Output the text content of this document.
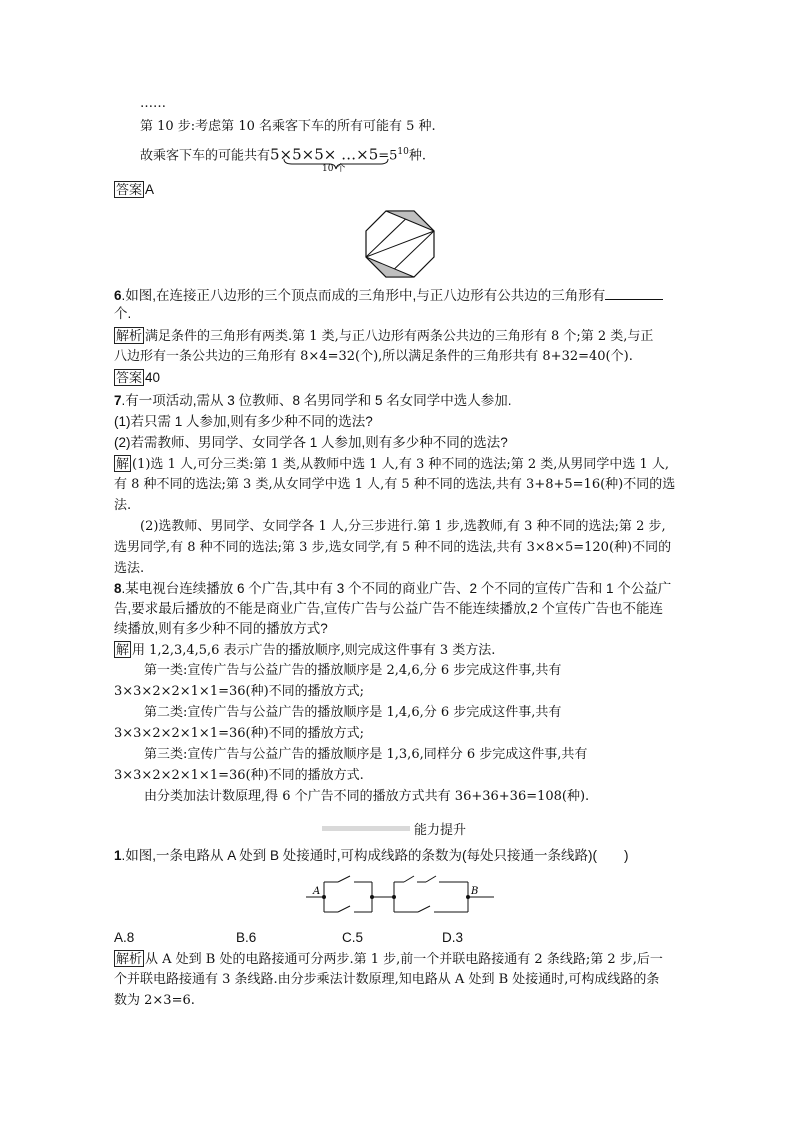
……
第 10 步:考虑第 10 名乘客下车的所有可能有 5 种.
故乘客下车的可能共有$5\times 5\times 5\times \dots\times 5=5^{10}$种.
10 个
答案 A
6.如图,在连接正八边形的三个顶点而成的三角形中,与正八边形有公共边的三角形有
个.
解析 满足条件的三角形有两类.第 1 类,与正八边形有两条公共边的三角形有 8 个;第 2 类,与正
八边形有一条公共边的三角形有 8×4=32(个),所以满足条件的三角形共有 8+32=40(个).
答案 40
7.有一项活动,需从 3 位教师、8 名男同学和 5 名女同学中选人参加.
(1)若只需 1 人参加,则有多少种不同的选法?
(2)若需教师、男同学、女同学各 1 人参加,则有多少种不同的选法?
解 (1)选 1 人,可分三类:第 1 类,从教师中选 1 人,有 3 种不同的选法;第 2 类,从男同学中选 1 人,
有 8 种不同的选法;第 3 类,从女同学中选 1 人,有 5 种不同的选法,共有 3+8+5=16(种)不同的选
法.
(2)选教师、男同学、女同学各 1 人,分三步进行.第 1 步,选教师,有 3 种不同的选法;第 2 步,
选男同学,有 8 种不同的选法;第 3 步,选女同学,有 5 种不同的选法,共有 3×8×5=120(种)不同的
选法.
8.某电视台连续播放 6 个广告,其中有 3 个不同的商业广告、2 个不同的宣传广告和 1 个公益广
告,要求最后播放的不能是商业广告,宣传广告与公益广告不能连续播放,2 个宣传广告也不能连
续播放,则有多少种不同的播放方式?
解 用 1,2,3,4,5,6 表示广告的播放顺序,则完成这件事有 3 类方法.
第一类:宣传广告与公益广告的播放顺序是 2,4,6,分 6 步完成这件事,共有
3×3×2×2×1×1=36(种)不同的播放方式;
第二类:宣传广告与公益广告的播放顺序是 1,4,6,分 6 步完成这件事,共有
3×3×2×2×1×1=36(种)不同的播放方式;
第三类:宣传广告与公益广告的播放顺序是 1,3,6,同样分 6 步完成这件事,共有
3×3×2×2×1×1=36(种)不同的播放方式.
由分类加法计数原理,得 6 个广告不同的播放方式共有 36+36+36=108(种).
能力提升
1.如图,一条电路从 A 处到 B 处接通时,可构成线路的条数为(每处只接通一条线路)(　　)
A	B
A.8	B.6	C.5	D.3
解析 从 A 处到 B 处的电路接通可分两步.第 1 步,前一个并联电路接通有 2 条线路;第 2 步,后一
个并联电路接通有 3 条线路.由分步乘法计数原理,知电路从 A 处到 B 处接通时,可构成线路的条
数为 2×3=6.
